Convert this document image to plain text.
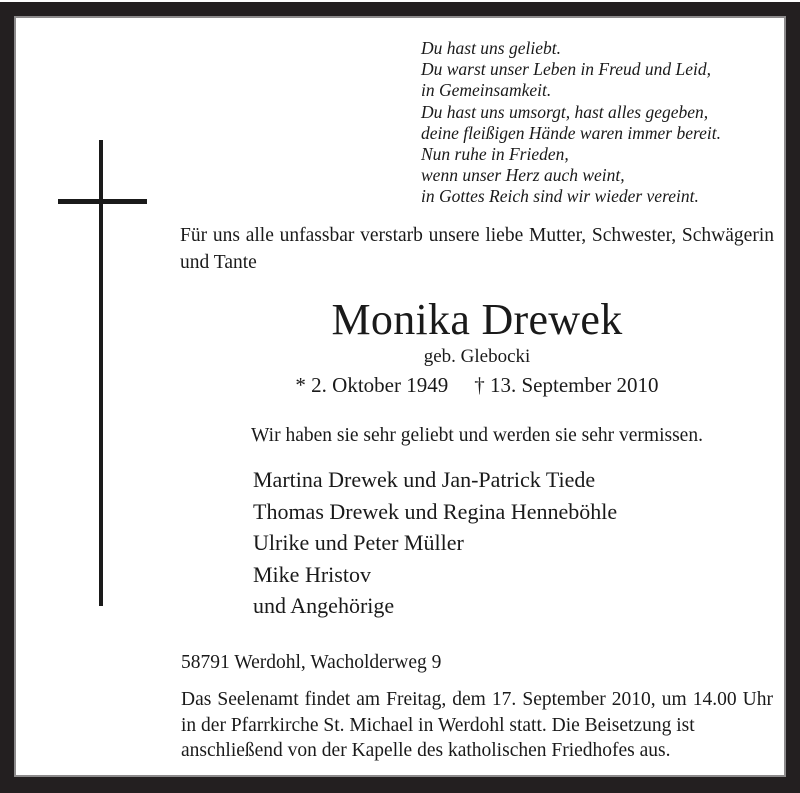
Du hast uns geliebt.
Du warst unser Leben in Freud und Leid,
in Gemeinsamkeit.
Du hast uns umsorgt, hast alles gegeben,
deine fleißigen Hände waren immer bereit.
Nun ruhe in Frieden,
wenn unser Herz auch weint,
in Gottes Reich sind wir wieder vereint.
Für uns alle unfassbar verstarb unsere liebe Mutter, Schwester, Schwägerin und Tante
Monika Drewek
geb. Glebocki
* 2. Oktober 1949 † 13. September 2010
Wir haben sie sehr geliebt und werden sie sehr vermissen.
Martina Drewek und Jan-Patrick Tiede
Thomas Drewek und Regina Henneböhle
Ulrike und Peter Müller
Mike Hristov
und Angehörige
58791 Werdohl, Wacholderweg 9
Das Seelenamt findet am Freitag, dem 17. September 2010, um 14.00 Uhr in der Pfarrkirche St. Michael in Werdohl statt. Die Beisetzung ist
anschließend von der Kapelle des katholischen Friedhofes aus.
